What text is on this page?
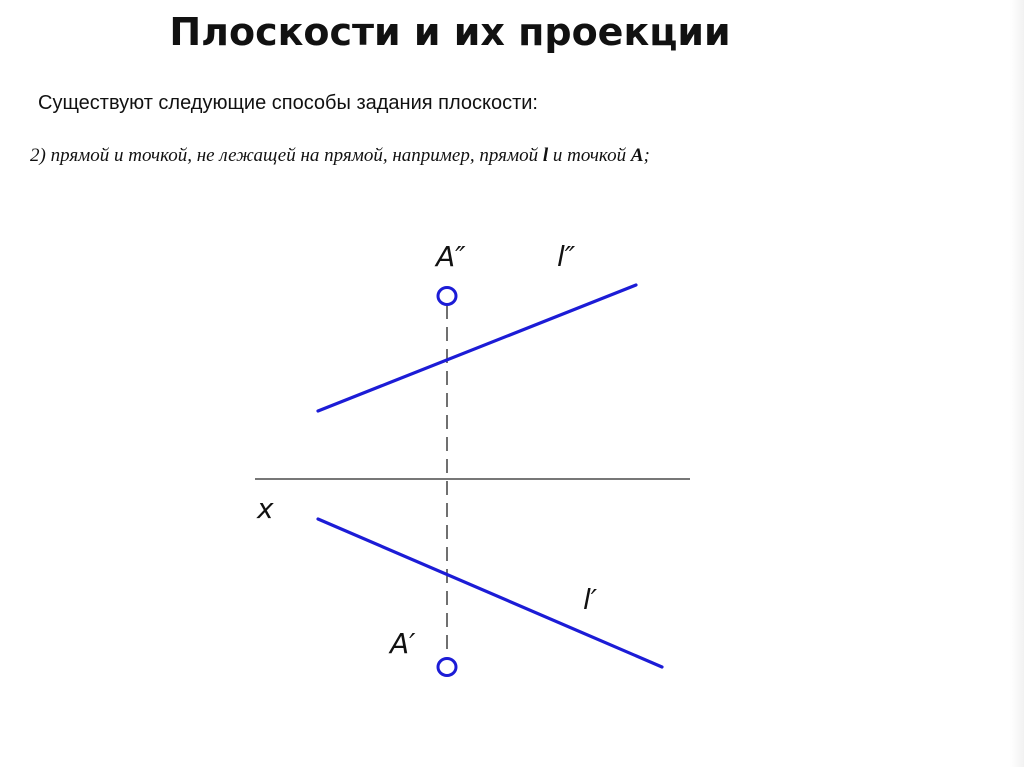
Плоскости и их проекции
Существуют следующие способы задания плоскости:
2) прямой и точкой, не лежащей на прямой, например, прямой l и точкой A;
x
A″	l″
l′
A′
